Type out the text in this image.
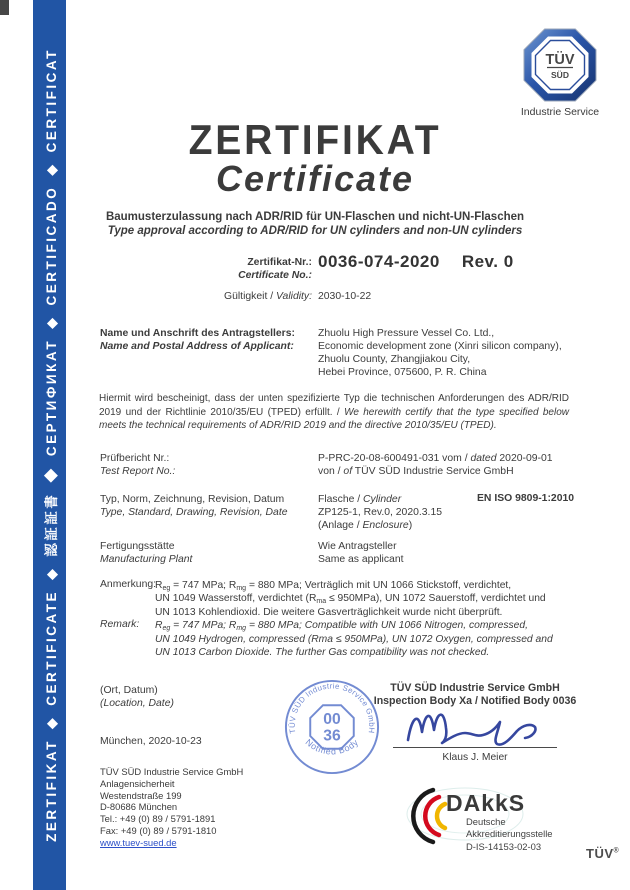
ZERTIFIKAT ◆ CERTIFICATE ◆ 認証証書 ◆ СЕРТИФИКАТ ◆ CERTIFICADO ◆ CERTIFICAT	TÜV
SÜD
Industrie Service
ZERTIFIKAT
Certificate
Baumusterzulassung nach ADR/RID für UN-Flaschen und nicht-UN-Flaschen
Type approval according to ADR/RID for UN cylinders and non-UN cylinders
Zertifikat-Nr.:
Certificate No.:
0036-074-2020 Rev. 0
Gültigkeit / Validity: 2030-10-22
Name und Anschrift des Antragstellers:
Name and Postal Address of Applicant:
Zhuolu High Pressure Vessel Co. Ltd.,
Economic development zone (Xinri silicon company),
Zhuolu County, Zhangjiakou City,
Hebei Province, 075600, P. R. China
Hiermit wird bescheinigt, dass der unten spezifizierte Typ die technischen Anforderungen des ADR/RID 2019 und der Richtlinie 2010/35/EU (TPED) erfüllt. / We herewith certify that the type specified below meets the technical requirements of ADR/RID 2019 and the directive 2010/35/EU (TPED).
Prüfbericht Nr.:
Test Report No.:
P-PRC-20-08-600491-031 vom / dated 2020-09-01
von / of TÜV SÜD Industrie Service GmbH
Typ, Norm, Zeichnung, Revision, Datum
Type, Standard, Drawing, Revision, Date
Flasche / Cylinder
ZP125-1, Rev.0, 2020.3.15
(Anlage / Enclosure)
EN ISO 9809-1:2010
Fertigungsstätte
Manufacturing Plant
Wie Antragsteller
Same as applicant
Anmerkung:
Remark:
$R_{eg} = 747$ MPa; $R_{mg} = 880$ MPa; Verträglich mit UN 1066 Stickstoff, verdichtet,
UN 1049 Wasserstoff, verdichtet $(R_{ma} \le 950MPa)$, UN 1072 Sauerstoff, verdichtet und
UN 1013 Kohlendioxid. Die weitere Gasverträglichkeit wurde nicht überprüft.
$R_{eg} = 747$ MPa; $R_{mg} = 880$ MPa; Compatible with UN 1066 Nitrogen, compressed,
UN 1049 Hydrogen, compressed (Rma ≤ 950MPa), UN 1072 Oxygen, compressed and
UN 1013 Carbon Dioxide. The further Gas compatibility was not checked.
(Ort, Datum)
(Location, Date)
München, 2020-10-23
TÜV SÜD Industrie Service GmbH
Notified Body
00
36
TÜV SÜD Industrie Service GmbH
Inspection Body Xa / Notified Body 0036
Klaus J. Meier
TÜV SÜD Industrie Service GmbH
Anlagensicherheit
Westendstraße 199
D-80686 München
Tel.: +49 (0) 89 / 5791-1891
Fax: +49 (0) 89 / 5791-1810
www.tuev-sued.de
DAkkS
Deutsche
Akkreditierungsstelle
D-IS-14153-02-03	TÜV®
